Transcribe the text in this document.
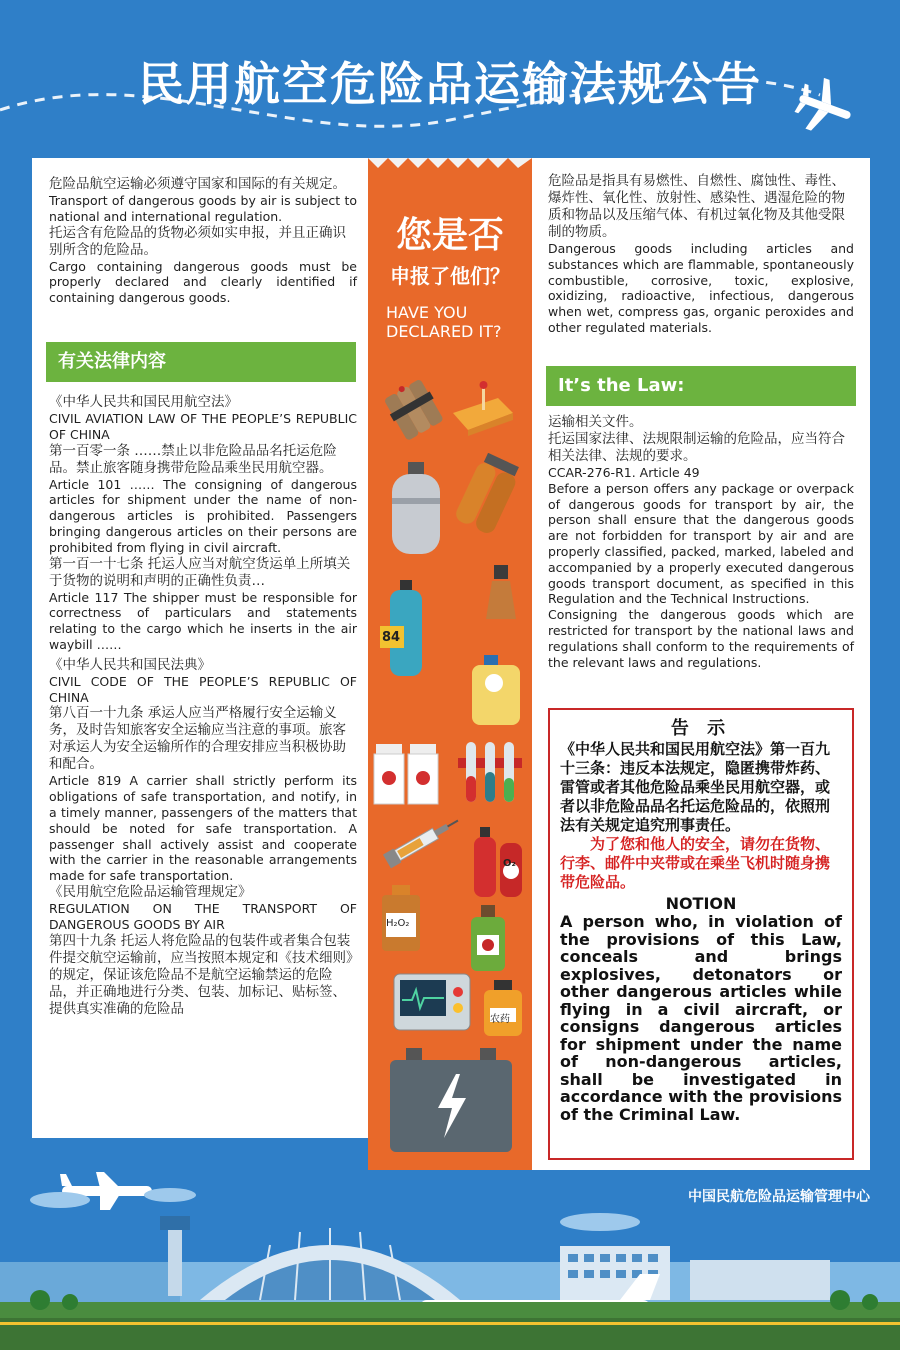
民用航空危险品运输法规公告

危险品航空运输必须遵守国家和国际的有关规定。

Transport of dangerous goods by air is subject to national and international regulation.

托运含有危险品的货物必须如实申报，并且正确识别所含的危险品。

Cargo containing dangerous goods must be properly declared and clearly identified if containing dangerous goods.

有关法律内容

《中华人民共和国民用航空法》

CIVIL AVIATION LAW OF THE PEOPLE’S REPUBLIC OF CHINA

第一百零一条 ……禁止以非危险品品名托运危险品。禁止旅客随身携带危险品乘坐民用航空器。

Article 101 …… The consigning of dangerous articles for shipment under the name of non-dangerous articles is prohibited. Passengers bringing dangerous articles on their persons are prohibited from flying in civil aircraft.

第一百一十七条 托运人应当对航空货运单上所填关于货物的说明和声明的正确性负责…

Article 117 The shipper must be responsible for correctness of particulars and statements relating to the cargo which he inserts in the air waybill ……

《中华人民共和国民法典》

CIVIL CODE OF THE PEOPLE’S REPUBLIC OF CHINA

第八百一十九条 承运人应当严格履行安全运输义务，及时告知旅客安全运输应当注意的事项。旅客对承运人为安全运输所作的合理安排应当积极协助和配合。

Article 819 A carrier shall strictly perform its obligations of safe transportation, and notify, in a timely manner, passengers of the matters that should be noted for safe transportation. A passenger shall actively assist and cooperate with the carrier in the reasonable arrangements made for safe transportation.

《民用航空危险品运输管理规定》

REGULATION ON THE TRANSPORT OF DANGEROUS GOODS BY AIR

第四十九条 托运人将危险品的包装件或者集合包装件提交航空运输前，应当按照本规定和《技术细则》的规定，保证该危险品不是航空运输禁运的危险品，并正确地进行分类、包装、加标记、贴标签、提供真实准确的危险品

您是否
申报了他们？
HAVE YOU DECLARED IT?
84
O₂
H₂O₂
农药

危险品是指具有易燃性、自燃性、腐蚀性、毒性、爆炸性、氧化性、放射性、感染性、遇湿危险的物质和物品以及压缩气体、有机过氧化物及其他受限制的物质。

Dangerous goods including articles and substances which are flammable, spontaneously combustible, corrosive, toxic, explosive, oxidizing, radioactive, infectious, dangerous when wet, compress gas, organic peroxides and other regulated materials.

It’s the Law:

运输相关文件。

托运国家法律、法规限制运输的危险品，应当符合相关法律、法规的要求。

CCAR-276-R1. Article 49

Before a person offers any package or overpack of dangerous goods for transport by air, the person shall ensure that the dangerous goods are not forbidden for transport by air and are properly classified, packed, marked, labeled and accompanied by a properly executed dangerous goods transport document, as specified in this Regulation and the Technical Instructions.

Consigning the dangerous goods which are restricted for transport by the national laws and regulations shall conform to the requirements of the relevant laws and regulations.

告 示
《中华人民共和国民用航空法》第一百九十三条：违反本法规定，隐匿携带炸药、雷管或者其他危险品乘坐民用航空器，或者以非危险品品名托运危险品的，依照刑法有关规定追究刑事责任。
为了您和他人的安全，请勿在货物、行李、邮件中夹带或在乘坐飞机时随身携带危险品。
NOTION
A person who, in violation of the provisions of this Law, conceals and brings explosives, detonators or other dangerous articles while flying in a civil aircraft, or consigns dangerous articles for shipment under the name of non-dangerous articles, shall be investigated in accordance with the provisions of the Criminal Law.
中国民航危险品运输管理中心
